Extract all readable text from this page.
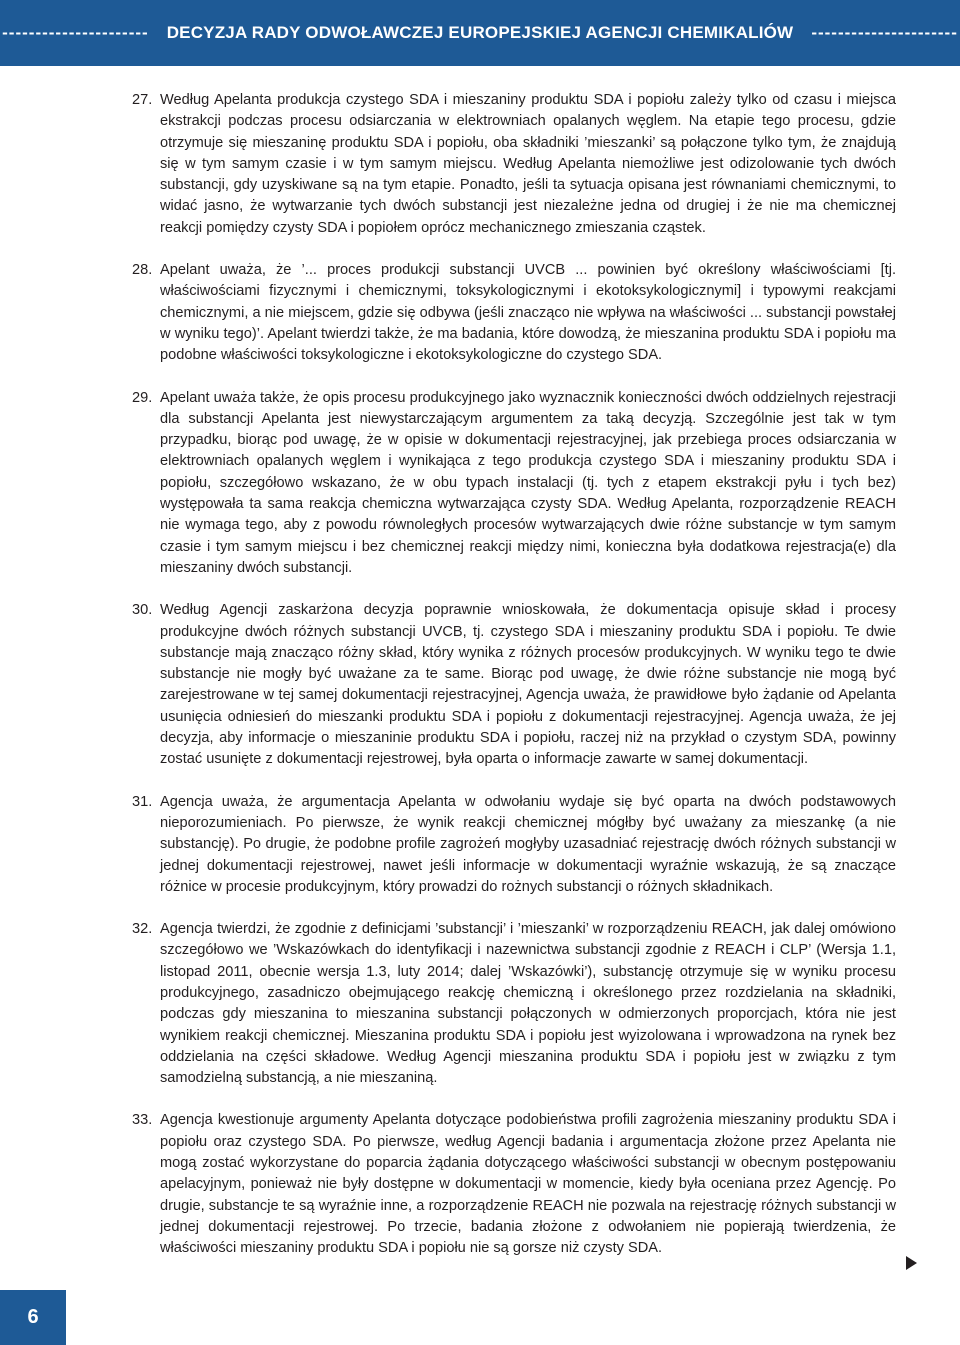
---------------------- DECYZJA RADY ODWOŁAWCZEJ EUROPEJSKIEJ AGENCJI CHEMIKALIÓW ----------------------
27. Według Apelanta produkcja czystego SDA i mieszaniny produktu SDA i popiołu zależy tylko od czasu i miejsca ekstrakcji podczas procesu odsiarczania w elektrowniach opalanych węglem. Na etapie tego procesu, gdzie otrzymuje się mieszaninę produktu SDA i popiołu, oba składniki ’mieszanki’ są połączone tylko tym, że znajdują się w tym samym czasie i w tym samym miejscu. Według Apelanta niemożliwe jest odizolowanie tych dwóch substancji, gdy uzyskiwane są na tym etapie. Ponadto, jeśli ta sytuacja opisana jest równaniami chemicznymi, to widać jasno, że wytwarzanie tych dwóch substancji jest niezależne jedna od drugiej i że nie ma chemicznej reakcji pomiędzy czysty SDA i popiołem oprócz mechanicznego zmieszania cząstek.
28. Apelant uważa, że ’... proces produkcji substancji UVCB ... powinien być określony właściwościami [tj. właściwościami fizycznymi i chemicznymi, toksykologicznymi i ekotoksykologicznymi] i typowymi reakcjami chemicznymi, a nie miejscem, gdzie się odbywa (jeśli znacząco nie wpływa na właściwości ... substancji powstałej w wyniku tego)’. Apelant twierdzi także, że ma badania, które dowodzą, że mieszanina produktu SDA i popiołu ma podobne właściwości toksykologiczne i ekotoksykologiczne do czystego SDA.
29. Apelant uważa także, że opis procesu produkcyjnego jako wyznacznik konieczności dwóch oddzielnych rejestracji dla substancji Apelanta jest niewystarczającym argumentem za taką decyzją. Szczególnie jest tak w tym przypadku, biorąc pod uwagę, że w opisie w dokumentacji rejestracyjnej, jak przebiega proces odsiarczania w elektrowniach opalanych węglem i wynikająca z tego produkcja czystego SDA i mieszaniny produktu SDA i popiołu, szczegółowo wskazano, że w obu typach instalacji (tj. tych z etapem ekstrakcji pyłu i tych bez) występowała ta sama reakcja chemiczna wytwarzająca czysty SDA. Według Apelanta, rozporządzenie REACH nie wymaga tego, aby z powodu równoległych procesów wytwarzających dwie różne substancje w tym samym czasie i tym samym miejscu i bez chemicznej reakcji między nimi, konieczna była dodatkowa rejestracja(e) dla mieszaniny dwóch substancji.
30. Według Agencji zaskarżona decyzja poprawnie wnioskowała, że dokumentacja opisuje skład i procesy produkcyjne dwóch różnych substancji UVCB, tj. czystego SDA i mieszaniny produktu SDA i popiołu. Te dwie substancje mają znacząco różny skład, który wynika z różnych procesów produkcyjnych. W wyniku tego te dwie substancje nie mogły być uważane za te same. Biorąc pod uwagę, że dwie różne substancje nie mogą być zarejestrowane w tej samej dokumentacji rejestracyjnej, Agencja uważa, że prawidłowe było żądanie od Apelanta usunięcia odniesień do mieszanki produktu SDA i popiołu z dokumentacji rejestracyjnej. Agencja uważa, że jej decyzja, aby informacje o mieszaninie produktu SDA i popiołu, raczej niż na przykład o czystym SDA, powinny zostać usunięte z dokumentacji rejestrowej, była oparta o informacje zawarte w samej dokumentacji.
31. Agencja uważa, że argumentacja Apelanta w odwołaniu wydaje się być oparta na dwóch podstawowych nieporozumieniach. Po pierwsze, że wynik reakcji chemicznej mógłby być uważany za mieszankę (a nie substancję). Po drugie, że podobne profile zagrożeń mogłyby uzasadniać rejestrację dwóch różnych substancji w jednej dokumentacji rejestrowej, nawet jeśli informacje w dokumentacji wyraźnie wskazują, że są znaczące różnice w procesie produkcyjnym, który prowadzi do rożnych substancji o różnych składnikach.
32. Agencja twierdzi, że zgodnie z definicjami ’substancji’ i ’mieszanki’ w rozporządzeniu REACH, jak dalej omówiono szczegółowo we ’Wskazówkach do identyfikacji i nazewnictwa substancji zgodnie z REACH i CLP’ (Wersja 1.1, listopad 2011, obecnie wersja 1.3, luty 2014; dalej ’Wskazówki’), substancję otrzymuje się w wyniku procesu produkcyjnego, zasadniczo obejmującego reakcję chemiczną i określonego przez rozdzielania na składniki, podczas gdy mieszanina to mieszanina substancji połączonych w odmierzonych proporcjach, która nie jest wynikiem reakcji chemicznej. Mieszanina produktu SDA i popiołu jest wyizolowana i wprowadzona na rynek bez oddzielania na części składowe. Według Agencji mieszanina produktu SDA i popiołu jest w związku z tym samodzielną substancją, a nie mieszaniną.
33. Agencja kwestionuje argumenty Apelanta dotyczące podobieństwa profili zagrożenia mieszaniny produktu SDA i popiołu oraz czystego SDA. Po pierwsze, według Agencji badania i argumentacja złożone przez Apelanta nie mogą zostać wykorzystane do poparcia żądania dotyczącego właściwości substancji w obecnym postępowaniu apelacyjnym, ponieważ nie były dostępne w dokumentacji w momencie, kiedy była oceniana przez Agencję. Po drugie, substancje te są wyraźnie inne, a rozporządzenie REACH nie pozwala na rejestrację różnych substancji w jednej dokumentacji rejestrowej. Po trzecie, badania złożone z odwołaniem nie popierają twierdzenia, że właściwości mieszaniny produktu SDA i popiołu nie są gorsze niż czysty SDA.
6
